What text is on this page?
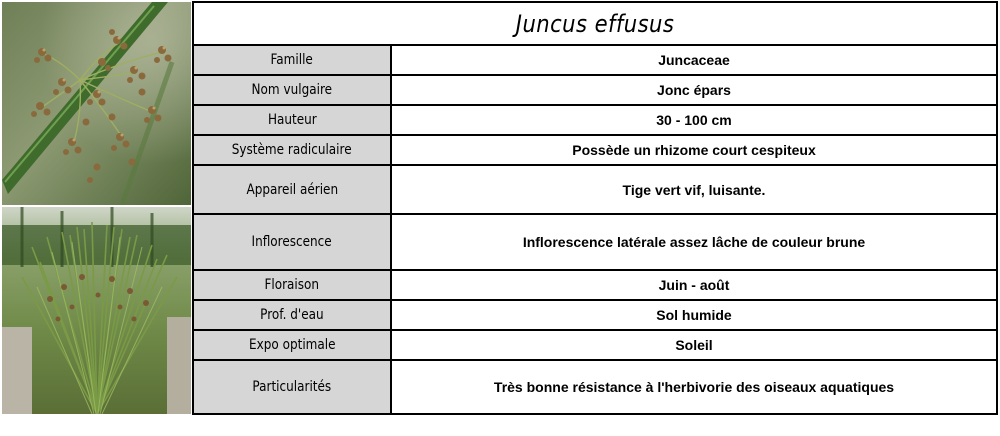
Juncus effusus
Famille	Juncaceae
Nom vulgaire	Jonc épars
Hauteur	30 - 100 cm
Système radiculaire	Possède un rhizome court cespiteux
Appareil aérien	Tige vert vif, luisante.
Inflorescence	Inflorescence latérale assez lâche de couleur brune
Floraison	Juin - août
Prof. d'eau	Sol humide
Expo optimale	Soleil
Particularités	Très bonne résistance à l'herbivorie des oiseaux aquatiques
